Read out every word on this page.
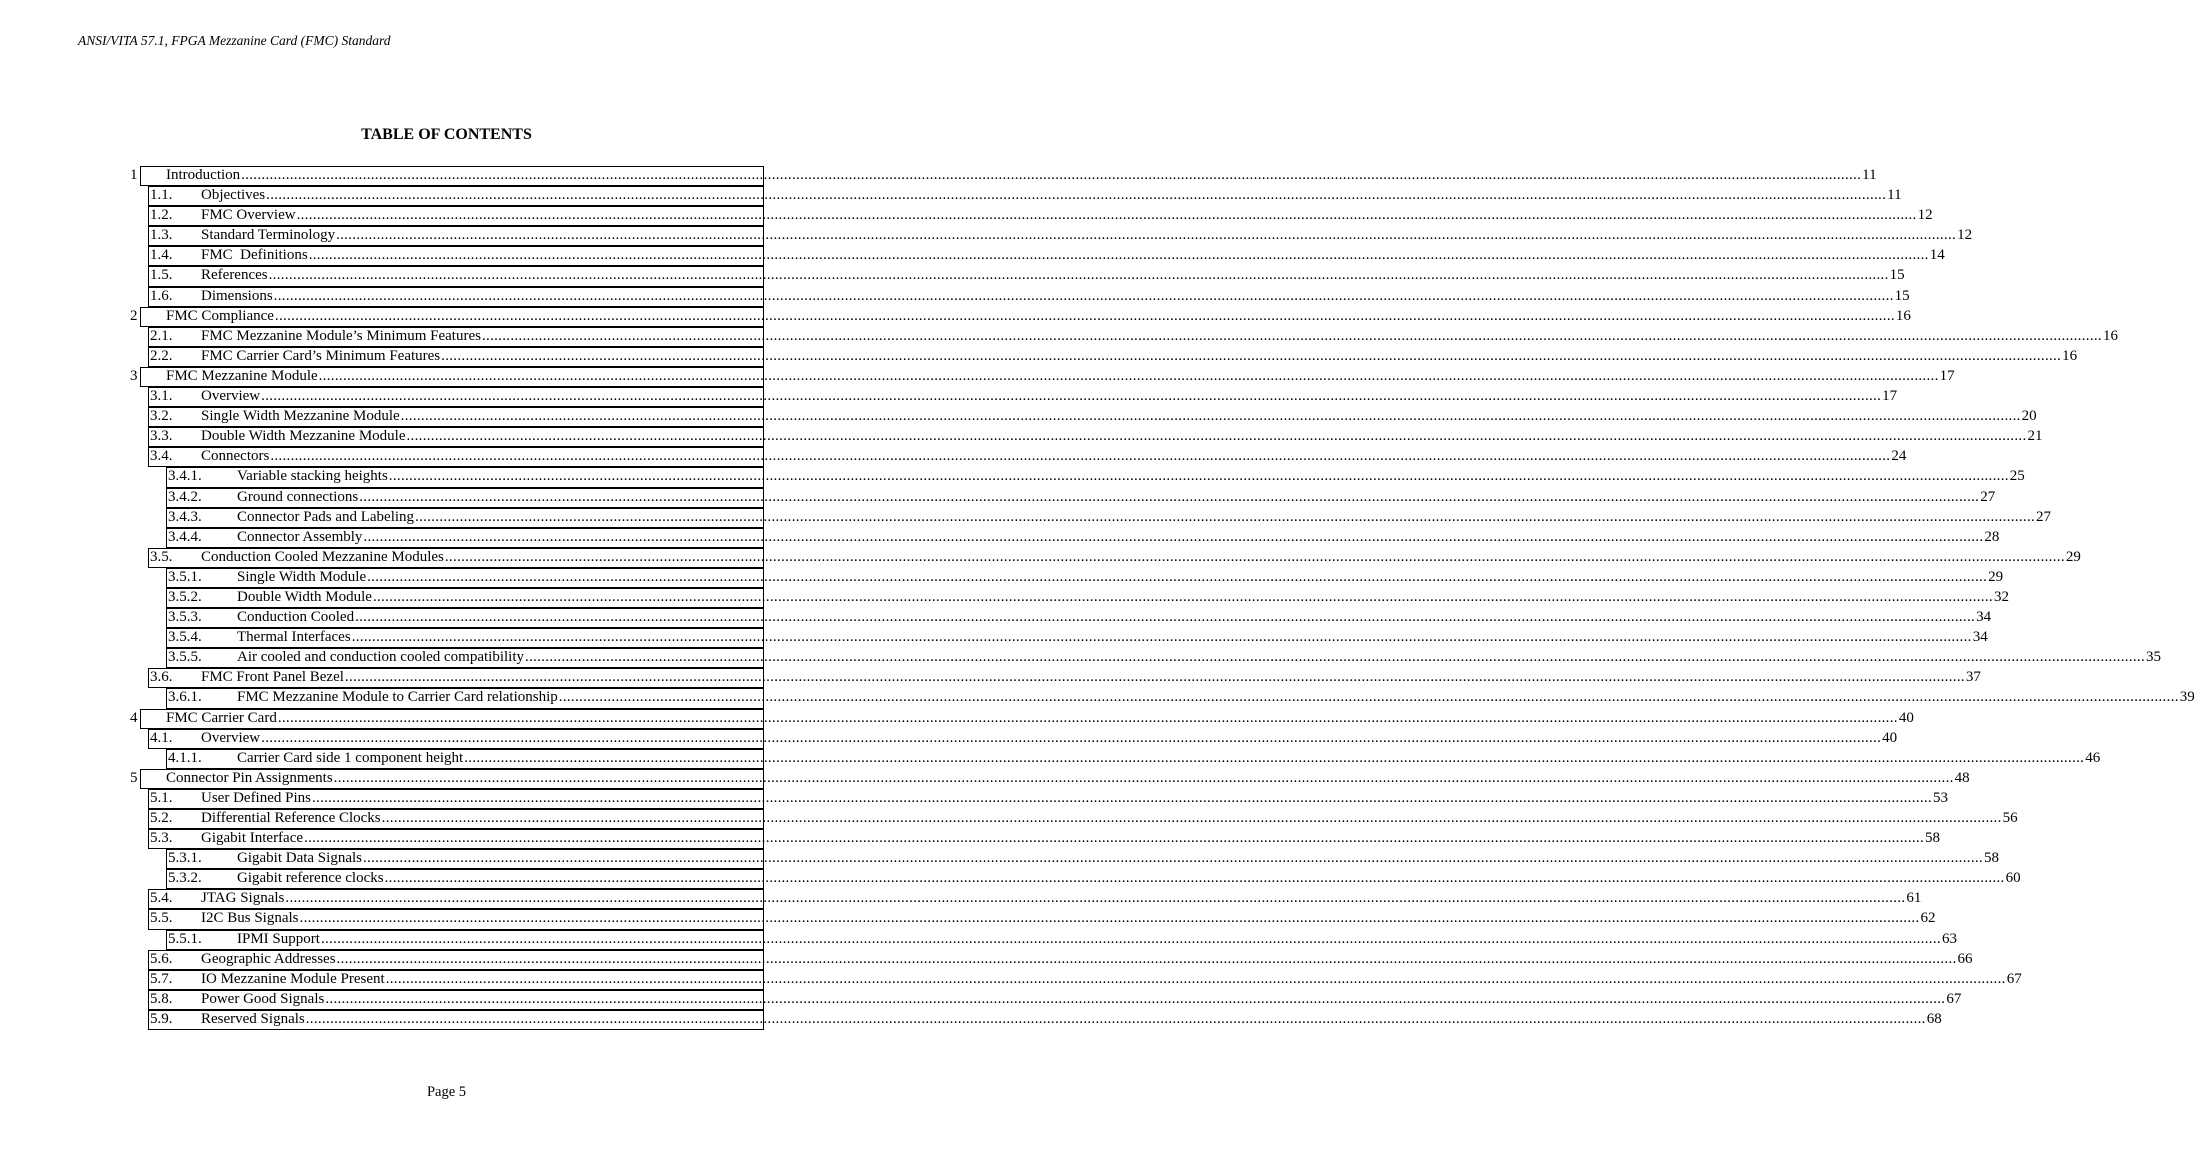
ANSI/VITA 57.1, FPGA Mezzanine Card (FMC) Standard
TABLE OF CONTENTS
1 Introduction ................................................................................................................................................................................................................................................................................................................................................................................................................ 11
1.1. Objectives ................................................................................................................................................................................................................................................................................................................................................................................................................ 11
1.2. FMC Overview ................................................................................................................................................................................................................................................................................................................................................................................................................ 12
1.3. Standard Terminology ................................................................................................................................................................................................................................................................................................................................................................................................................ 12
1.4. FMC  Definitions ................................................................................................................................................................................................................................................................................................................................................................................................................ 14
1.5. References ................................................................................................................................................................................................................................................................................................................................................................................................................ 15
1.6. Dimensions ................................................................................................................................................................................................................................................................................................................................................................................................................ 15
2 FMC Compliance ................................................................................................................................................................................................................................................................................................................................................................................................................ 16
2.1. FMC Mezzanine Module’s Minimum Features ................................................................................................................................................................................................................................................................................................................................................................................................................ 16
2.2. FMC Carrier Card’s Minimum Features ................................................................................................................................................................................................................................................................................................................................................................................................................ 16
3 FMC Mezzanine Module ................................................................................................................................................................................................................................................................................................................................................................................................................ 17
3.1. Overview ................................................................................................................................................................................................................................................................................................................................................................................................................ 17
3.2. Single Width Mezzanine Module ................................................................................................................................................................................................................................................................................................................................................................................................................ 20
3.3. Double Width Mezzanine Module ................................................................................................................................................................................................................................................................................................................................................................................................................ 21
3.4. Connectors ................................................................................................................................................................................................................................................................................................................................................................................................................ 24
3.4.1. Variable stacking heights ................................................................................................................................................................................................................................................................................................................................................................................................................ 25
3.4.2. Ground connections ................................................................................................................................................................................................................................................................................................................................................................................................................ 27
3.4.3. Connector Pads and Labeling ................................................................................................................................................................................................................................................................................................................................................................................................................ 27
3.4.4. Connector Assembly ................................................................................................................................................................................................................................................................................................................................................................................................................ 28
3.5. Conduction Cooled Mezzanine Modules ................................................................................................................................................................................................................................................................................................................................................................................................................ 29
3.5.1. Single Width Module ................................................................................................................................................................................................................................................................................................................................................................................................................ 29
3.5.2. Double Width Module ................................................................................................................................................................................................................................................................................................................................................................................................................ 32
3.5.3. Conduction Cooled ................................................................................................................................................................................................................................................................................................................................................................................................................ 34
3.5.4. Thermal Interfaces ................................................................................................................................................................................................................................................................................................................................................................................................................ 34
3.5.5. Air cooled and conduction cooled compatibility ................................................................................................................................................................................................................................................................................................................................................................................................................ 35
3.6. FMC Front Panel Bezel ................................................................................................................................................................................................................................................................................................................................................................................................................ 37
3.6.1. FMC Mezzanine Module to Carrier Card relationship ................................................................................................................................................................................................................................................................................................................................................................................................................ 39
4 FMC Carrier Card ................................................................................................................................................................................................................................................................................................................................................................................................................ 40
4.1. Overview ................................................................................................................................................................................................................................................................................................................................................................................................................ 40
4.1.1. Carrier Card side 1 component height ................................................................................................................................................................................................................................................................................................................................................................................................................ 46
5 Connector Pin Assignments ................................................................................................................................................................................................................................................................................................................................................................................................................ 48
5.1. User Defined Pins ................................................................................................................................................................................................................................................................................................................................................................................................................ 53
5.2. Differential Reference Clocks ................................................................................................................................................................................................................................................................................................................................................................................................................ 56
5.3. Gigabit Interface ................................................................................................................................................................................................................................................................................................................................................................................................................ 58
5.3.1. Gigabit Data Signals ................................................................................................................................................................................................................................................................................................................................................................................................................ 58
5.3.2. Gigabit reference clocks ................................................................................................................................................................................................................................................................................................................................................................................................................ 60
5.4. JTAG Signals ................................................................................................................................................................................................................................................................................................................................................................................................................ 61
5.5. I2C Bus Signals ................................................................................................................................................................................................................................................................................................................................................................................................................ 62
5.5.1. IPMI Support ................................................................................................................................................................................................................................................................................................................................................................................................................ 63
5.6. Geographic Addresses ................................................................................................................................................................................................................................................................................................................................................................................................................ 66
5.7. IO Mezzanine Module Present ................................................................................................................................................................................................................................................................................................................................................................................................................ 67
5.8. Power Good Signals ................................................................................................................................................................................................................................................................................................................................................................................................................ 67
5.9. Reserved Signals ................................................................................................................................................................................................................................................................................................................................................................................................................ 68
Page 5
